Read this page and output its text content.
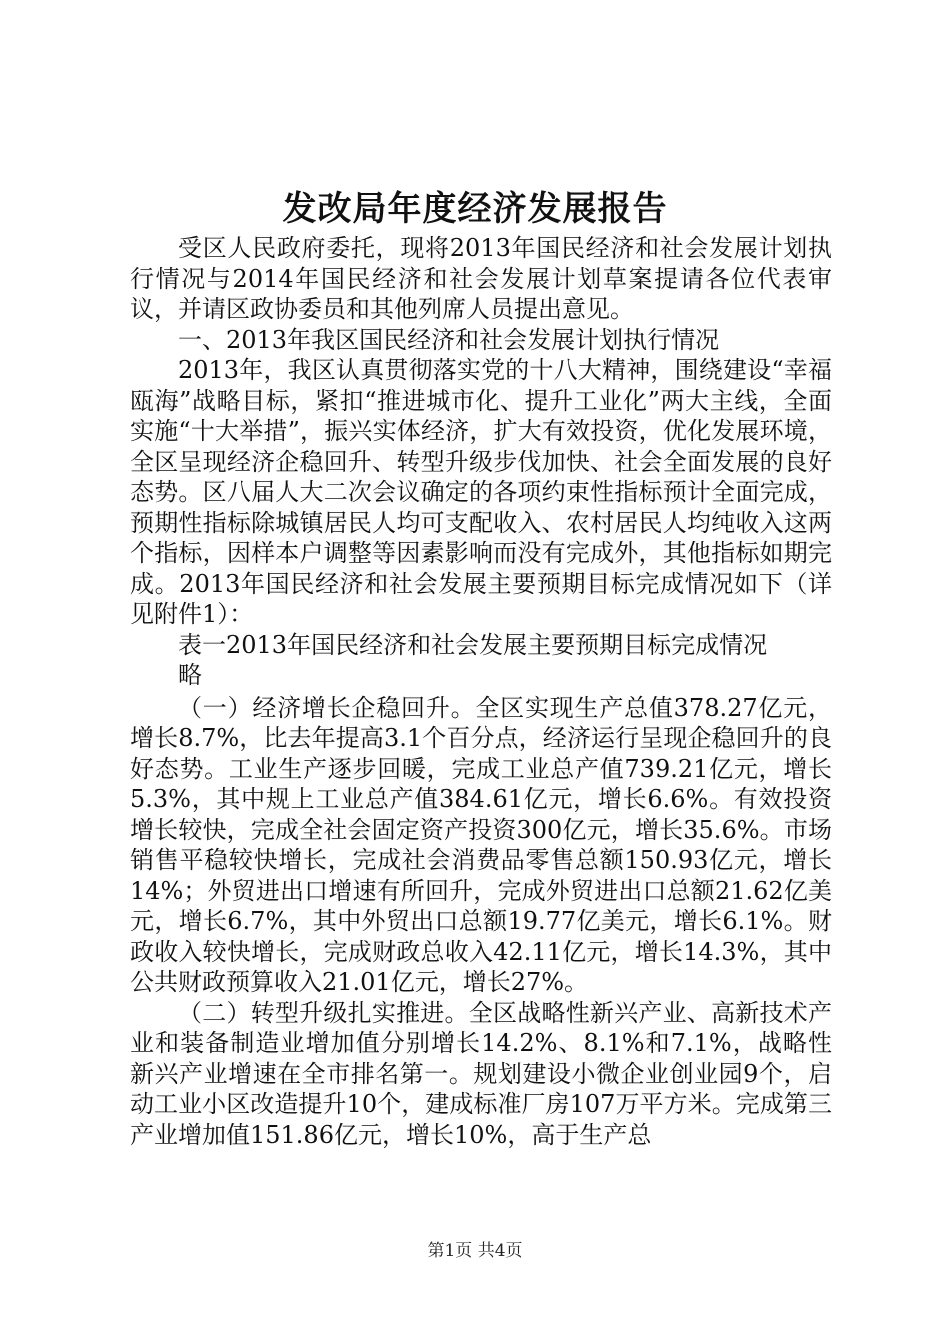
发改局年度经济发展报告

受区人民政府委托，现将2013年国民经济和社会发展计划执行情况与2014年国民经济和社会发展计划草案提请各位代表审议，并请区政协委员和其他列席人员提出意见。

一、2013年我区国民经济和社会发展计划执行情况

2013年，我区认真贯彻落实党的十八大精神，围绕建设“幸福瓯海”战略目标，紧扣“推进城市化、提升工业化”两大主线，全面实施“十大举措”，振兴实体经济，扩大有效投资，优化发展环境，全区呈现经济企稳回升、转型升级步伐加快、社会全面发展的良好态势。区八届人大二次会议确定的各项约束性指标预计全面完成，预期性指标除城镇居民人均可支配收入、农村居民人均纯收入这两个指标，因样本户调整等因素影响而没有完成外，其他指标如期完成。2013年国民经济和社会发展主要预期目标完成情况如下（详见附件1）：

表一2013年国民经济和社会发展主要预期目标完成情况

略

（一）经济增长企稳回升。全区实现生产总值378.27亿元，增长8.7%，比去年提高3.1个百分点，经济运行呈现企稳回升的良好态势。工业生产逐步回暖，完成工业总产值739.21亿元，增长5.3%，其中规上工业总产值384.61亿元，增长6.6%。有效投资增长较快，完成全社会固定资产投资300亿元，增长35.6%。市场销售平稳较快增长，完成社会消费品零售总额150.93亿元，增长14%；外贸进出口增速有所回升，完成外贸进出口总额21.62亿美元，增长6.7%，其中外贸出口总额19.77亿美元，增长6.1%。财政收入较快增长，完成财政总收入42.11亿元，增长14.3%，其中公共财政预算收入21.01亿元，增长27%。

（二）转型升级扎实推进。全区战略性新兴产业、高新技术产业和装备制造业增加值分别增长14.2%、8.1%和7.1%，战略性新兴产业增速在全市排名第一。规划建设小微企业创业园9个，启动工业小区改造提升10个，建成标准厂房107万平方米。完成第三产业增加值151.86亿元，增长10%，高于生产总

第1页 共4页
